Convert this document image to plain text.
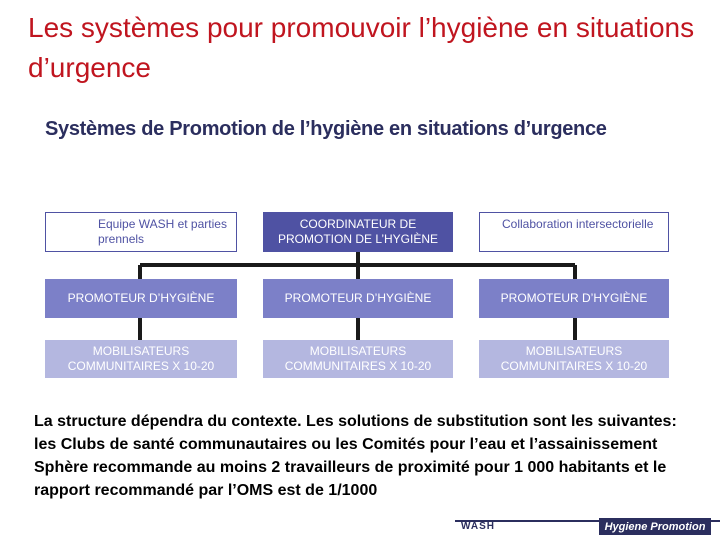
Les systèmes pour promouvoir l’hygiène en situations d’urgence
Systèmes de Promotion de l’hygiène en situations d’urgence
Equipe WASH et parties prennels
COORDINATEUR DE PROMOTION DE L’HYGIÈNE
Collaboration intersectorielle
PROMOTEUR D’HYGIÈNE	PROMOTEUR D’HYGIÈNE	PROMOTEUR D’HYGIÈNE
MOBILISATEURS COMMUNITAIRES X 10-20
MOBILISATEURS COMMUNITAIRES X 10-20
MOBILISATEURS COMMUNITAIRES X 10-20

La structure dépendra du contexte. Les solutions de substitution sont les suivantes: les Clubs de santé communautaires ou les Comités pour l’eau et l’assainissement

Sphère recommande au moins 2 travailleurs de proximité pour 1 000 habitants et le rapport recommandé par l’OMS est de 1/1000

WASH	Hygiene Promotion
